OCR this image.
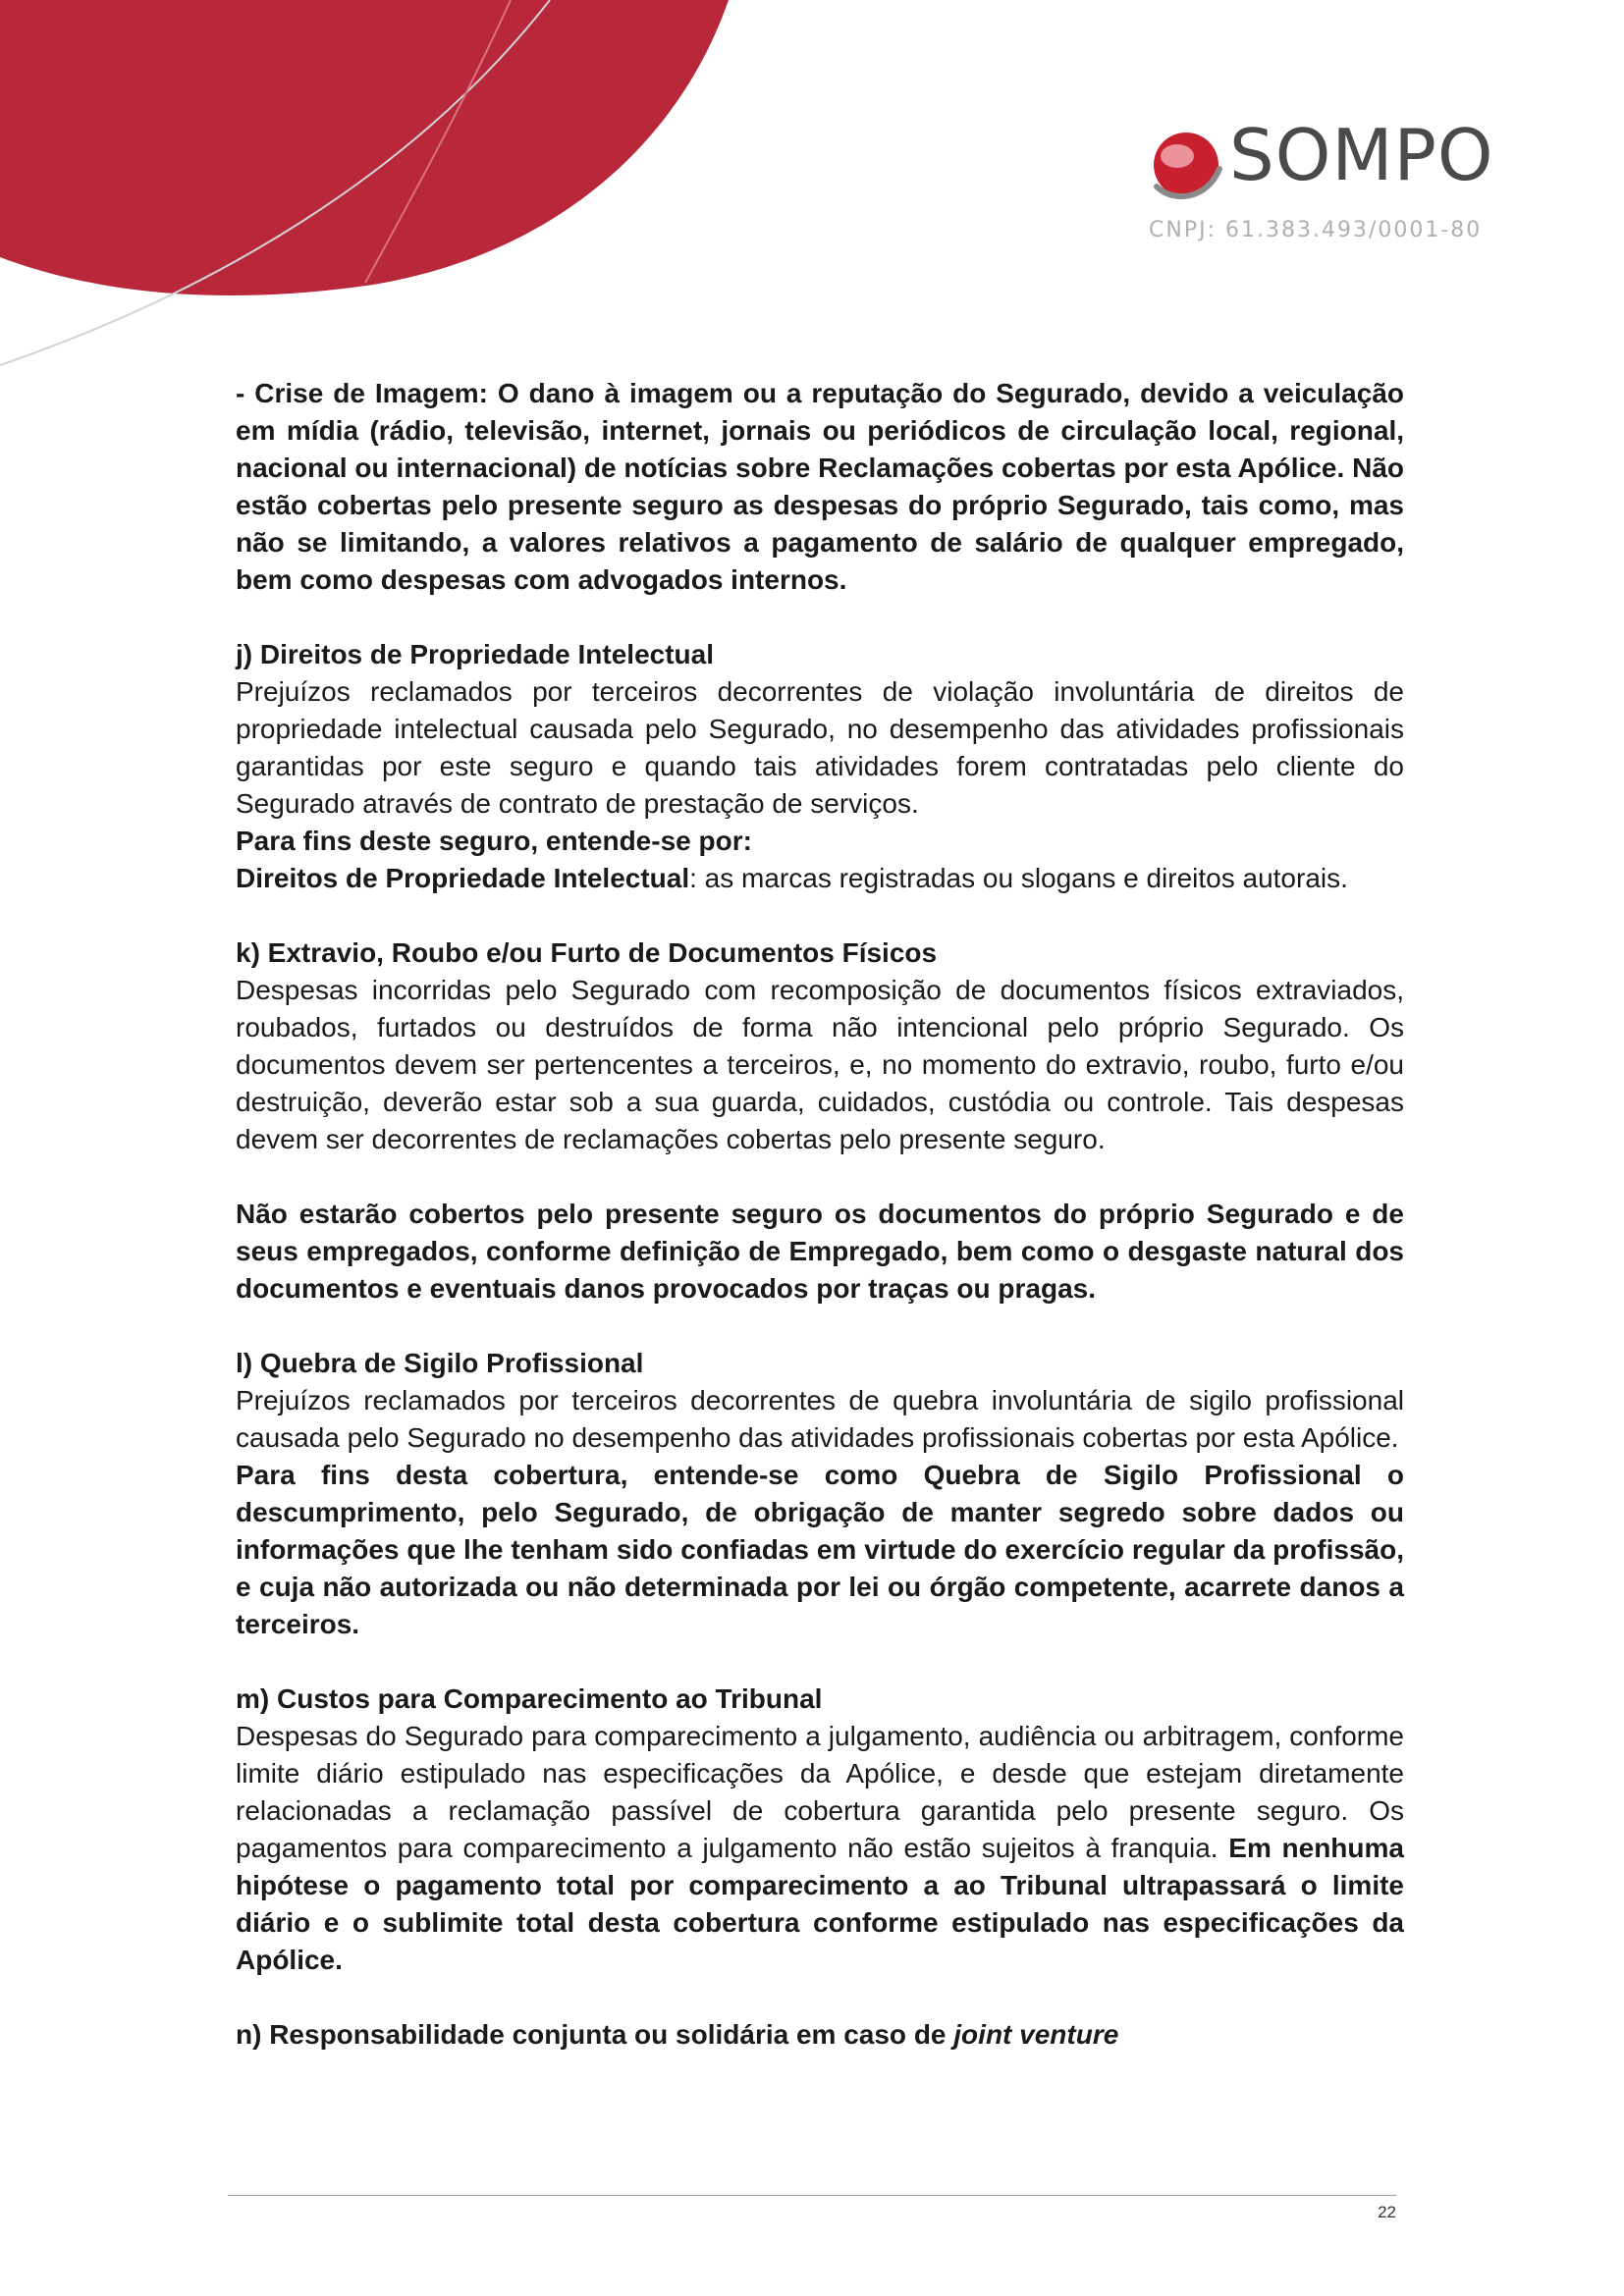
SOMPO
CNPJ: 61.383.493/0001-80

- Crise de Imagem: O dano à imagem ou a reputação do Segurado, devido a veiculação em mídia (rádio, televisão, internet, jornais ou periódicos de circulação local, regional, nacional ou internacional) de notícias sobre Reclamações cobertas por esta Apólice. Não estão cobertas pelo presente seguro as despesas do próprio Segurado, tais como, mas não se limitando, a valores relativos a pagamento de salário de qualquer empregado, bem como despesas com advogados internos.

j) Direitos de Propriedade Intelectual

Prejuízos reclamados por terceiros decorrentes de violação involuntária de direitos de propriedade intelectual causada pelo Segurado, no desempenho das atividades profissionais garantidas por este seguro e quando tais atividades forem contratadas pelo cliente do Segurado através de contrato de prestação de serviços.

Para fins deste seguro, entende-se por:

Direitos de Propriedade Intelectual: as marcas registradas ou slogans e direitos autorais.

k) Extravio, Roubo e/ou Furto de Documentos Físicos

Despesas incorridas pelo Segurado com recomposição de documentos físicos extraviados, roubados, furtados ou destruídos de forma não intencional pelo próprio Segurado. Os documentos devem ser pertencentes a terceiros, e, no momento do extravio, roubo, furto e/ou destruição, deverão estar sob a sua guarda, cuidados, custódia ou controle. Tais despesas devem ser decorrentes de reclamações cobertas pelo presente seguro.

Não estarão cobertos pelo presente seguro os documentos do próprio Segurado e de seus empregados, conforme definição de Empregado, bem como o desgaste natural dos documentos e eventuais danos provocados por traças ou pragas.

l) Quebra de Sigilo Profissional

Prejuízos reclamados por terceiros decorrentes de quebra involuntária de sigilo profissional causada pelo Segurado no desempenho das atividades profissionais cobertas por esta Apólice.

Para fins desta cobertura, entende-se como Quebra de Sigilo Profissional o descumprimento, pelo Segurado, de obrigação de manter segredo sobre dados ou informações que lhe tenham sido confiadas em virtude do exercício regular da profissão, e cuja não autorizada ou não determinada por lei ou órgão competente, acarrete danos a terceiros.

m) Custos para Comparecimento ao Tribunal

Despesas do Segurado para comparecimento a julgamento, audiência ou arbitragem, conforme limite diário estipulado nas especificações da Apólice, e desde que estejam diretamente relacionadas a reclamação passível de cobertura garantida pelo presente seguro. Os pagamentos para comparecimento a julgamento não estão sujeitos à franquia. Em nenhuma hipótese o pagamento total por comparecimento a ao Tribunal ultrapassará o limite diário e o sublimite total desta cobertura conforme estipulado nas especificações da Apólice.

n) Responsabilidade conjunta ou solidária em caso de joint venture

22
